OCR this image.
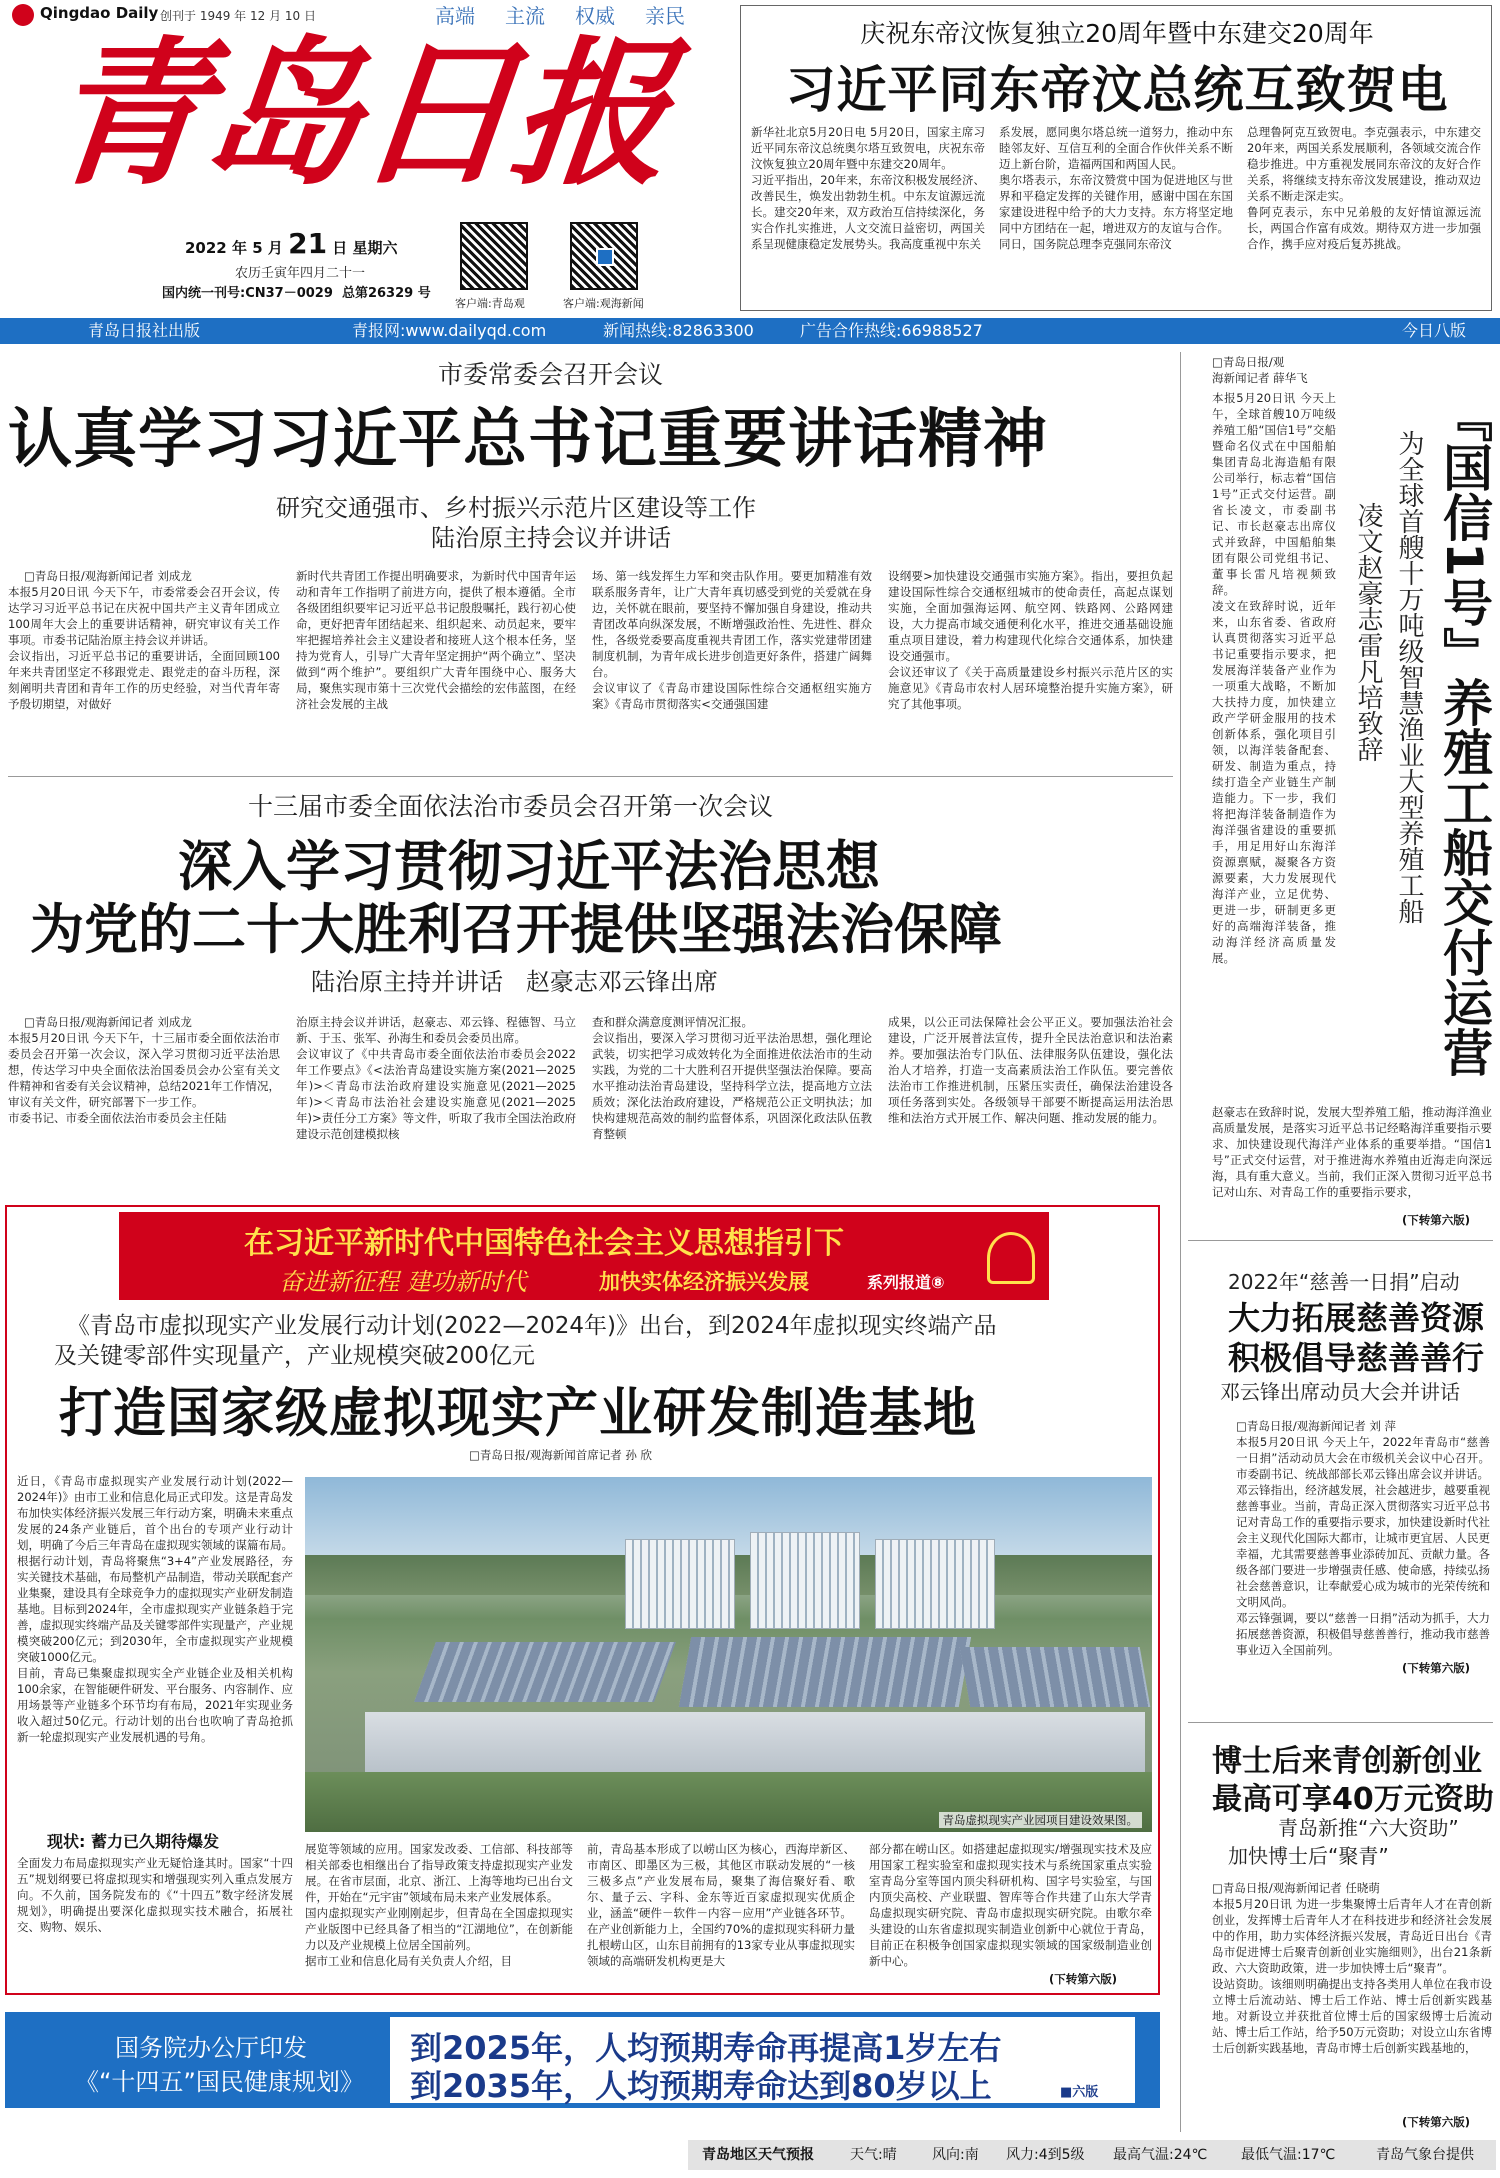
Qingdao Daily 创刊于 1949 年 12 月 10 日	高端 主流 权威 亲民
青岛日报
2022 年 5 月 21 日 星期六
农历壬寅年四月二十一
国内统一刊号:CN37－0029  总第26329 号
客户端:青岛观	客户端:观海新闻
庆祝东帝汶恢复独立20周年暨中东建交20周年
习近平同东帝汶总统互致贺电
新华社北京5月20日电 5月20日，国家主席习近平同东帝汶总统奥尔塔互致贺电，庆祝东帝汶恢复独立20周年暨中东建交20周年。
习近平指出，20年来，东帝汶积极发展经济、改善民生，焕发出勃勃生机。中东友谊源远流长。建交20年来，双方政治互信持续深化，务实合作扎实推进，人文交流日益密切，两国关系呈现健康稳定发展势头。我高度重视中东关
系发展，愿同奥尔塔总统一道努力，推动中东睦邻友好、互信互利的全面合作伙伴关系不断迈上新台阶，造福两国和两国人民。
奥尔塔表示，东帝汶赞赏中国为促进地区与世界和平稳定发挥的关键作用，感谢中国在东国家建设进程中给予的大力支持。东方将坚定地同中方团结在一起，增进双方的友谊与合作。
同日，国务院总理李克强同东帝汶
总理鲁阿克互致贺电。李克强表示，中东建交20年来，两国关系发展顺利，各领域交流合作稳步推进。中方重视发展同东帝汶的友好合作关系，将继续支持东帝汶发展建设，推动双边关系不断走深走实。
鲁阿克表示，东中兄弟般的友好情谊源远流长，两国合作富有成效。期待双方进一步加强合作，携手应对疫后复苏挑战。
青岛日报社出版	青报网:www.dailyqd.com	新闻热线:82863300	广告合作热线:66988527	今日八版
市委常委会召开会议
认真学习习近平总书记重要讲话精神
研究交通强市、乡村振兴示范片区建设等工作
陆治原主持会议并讲话
□青岛日报/观海新闻记者 刘成龙
本报5月20日讯 今天下午，市委常委会召开会议，传达学习习近平总书记在庆祝中国共产主义青年团成立100周年大会上的重要讲话精神，研究审议有关工作事项。市委书记陆治原主持会议并讲话。
会议指出，习近平总书记的重要讲话，全面回顾100年来共青团坚定不移跟党走、跟党走的奋斗历程，深刻阐明共青团和青年工作的历史经验，对当代青年寄予殷切期望，对做好
新时代共青团工作提出明确要求，为新时代中国青年运动和青年工作指明了前进方向，提供了根本遵循。全市各级团组织要牢记习近平总书记殷殷嘱托，践行初心使命，更好把青年团结起来、组织起来、动员起来，要牢牢把握培养社会主义建设者和接班人这个根本任务，坚持为党育人，引导广大青年坚定拥护“两个确立”、坚决做到“两个维护”。要组织广大青年围绕中心、服务大局，聚焦实现市第十三次党代会描绘的宏伟蓝图，在经济社会发展的主战
场、第一线发挥生力军和突击队作用。要更加精准有效联系服务青年，让广大青年真切感受到党的关爱就在身边，关怀就在眼前，要坚持不懈加强自身建设，推动共青团改革向纵深发展，不断增强政治性、先进性、群众性，各级党委要高度重视共青团工作，落实党建带团建制度机制，为青年成长进步创造更好条件，搭建广阔舞台。
会议审议了《青岛市建设国际性综合交通枢纽实施方案》《青岛市贯彻落实<交通强国建
设纲要>加快建设交通强市实施方案》。指出，要担负起建设国际性综合交通枢纽城市的使命责任，高起点谋划实施，全面加强海运网、航空网、铁路网、公路网建设，大力提高市域交通便利化水平，推进交通基础设施重点项目建设，着力构建现代化综合交通体系，加快建设交通强市。
会议还审议了《关于高质量建设乡村振兴示范片区的实施意见》《青岛市农村人居环境整治提升实施方案》，研究了其他事项。
十三届市委全面依法治市委员会召开第一次会议
深入学习贯彻习近平法治思想
为党的二十大胜利召开提供坚强法治保障
陆治原主持并讲话   赵豪志邓云锋出席
□青岛日报/观海新闻记者 刘成龙
本报5月20日讯 今天下午，十三届市委全面依法治市委员会召开第一次会议，深入学习贯彻习近平法治思想，传达学习中央全面依法治国委员会办公室有关文件精神和省委有关会议精神，总结2021年工作情况，审议有关文件，研究部署下一步工作。
市委书记、市委全面依法治市委员会主任陆
治原主持会议并讲话，赵豪志、邓云锋、程德智、马立新、于玉、张军、孙海生和委员会委员出席。
会议审议了《中共青岛市委全面依法治市委员会2022年工作要点》《<法治青岛建设实施方案(2021—2025年)>＜青岛市法治政府建设实施意见(2021—2025年)>＜青岛市法治社会建设实施意见(2021—2025年)>责任分工方案》等文件，听取了我市全国法治政府建设示范创建模拟核
查和群众满意度测评情况汇报。
会议指出，要深入学习贯彻习近平法治思想，强化理论武装，切实把学习成效转化为全面推进依法治市的生动实践，为党的二十大胜利召开提供坚强法治保障。要高水平推动法治青岛建设，坚持科学立法，提高地方立法质效；深化法治政府建设，严格规范公正文明执法；加快构建规范高效的制约监督体系，巩固深化政法队伍教育整顿
成果，以公正司法保障社会公平正义。要加强法治社会建设，广泛开展普法宣传，提升全民法治意识和法治素养。要加强法治专门队伍、法律服务队伍建设，强化法治人才培养，打造一支高素质法治工作队伍。要完善依法治市工作推进机制，压紧压实责任，确保法治建设各项任务落到实处。各级领导干部要不断提高运用法治思维和法治方式开展工作、解决问题、推动发展的能力。
在习近平新时代中国特色社会主义思想指引下
奋进新征程 建功新时代	加快实体经济振兴发展	系列报道⑧
《青岛市虚拟现实产业发展行动计划(2022—2024年)》出台，到2024年虚拟现实终端产品
及关键零部件实现量产，产业规模突破200亿元
打造国家级虚拟现实产业研发制造基地
□青岛日报/观海新闻首席记者 孙 欣
近日，《青岛市虚拟现实产业发展行动计划(2022—2024年)》由市工业和信息化局正式印发。这是青岛发布加快实体经济振兴发展三年行动方案，明确未来重点发展的24条产业链后，首个出台的专项产业行动计划，明确了今后三年青岛在虚拟现实领域的谋篇布局。
根据行动计划，青岛将聚焦“3+4”产业发展路径，夯实关键技术基础，布局整机产品制造，带动关联配套产业集聚，建设具有全球竞争力的虚拟现实产业研发制造基地。目标到2024年，全市虚拟现实产业链条趋于完善，虚拟现实终端产品及关键零部件实现量产，产业规模突破200亿元；到2030年，全市虚拟现实产业规模突破1000亿元。
目前，青岛已集聚虚拟现实全产业链企业及相关机构100余家，在智能硬件研发、平台服务、内容制作、应用场景等产业链多个环节均有布局，2021年实现业务收入超过50亿元。行动计划的出台也吹响了青岛抢抓新一轮虚拟现实产业发展机遇的号角。
现状: 蓄力已久期待爆发
全面发力布局虚拟现实产业无疑恰逢其时。国家“十四五”规划纲要已将虚拟现实和增强现实列入重点发展方向。不久前，国务院发布的《“十四五”数字经济发展规划》，明确提出要深化虚拟现实技术融合，拓展社交、购物、娱乐、
青岛虚拟现实产业园项目建设效果图。
展览等领域的应用。国家发改委、工信部、科技部等相关部委也相继出台了指导政策支持虚拟现实产业发展。在省市层面，北京、浙江、上海等地均已出台文件，开始在“元宇宙”领域布局未来产业发展体系。
国内虚拟现实产业刚刚起步，但青岛在全国虚拟现实产业版图中已经具备了相当的“江湖地位”，在创新能力以及产业规模上位居全国前列。
据市工业和信息化局有关负责人介绍，目
前，青岛基本形成了以崂山区为核心，西海岸新区、市南区、即墨区为三极，其他区市联动发展的“一核三极多点”产业发展布局，聚集了海信聚好看、歌尔、量子云、字科、金东等近百家虚拟现实优质企业，涵盖“硬件－软件－内容－应用”产业链各环节。
在产业创新能力上，全国约70%的虚拟现实科研力量扎根崂山区，山东目前拥有的13家专业从事虚拟现实领域的高端研发机构更是大
部分都在崂山区。如搭建起虚拟现实/增强现实技术及应用国家工程实验室和虚拟现实技术与系统国家重点实验室青岛分室等国内顶尖科研机构、国字号实验室，与国内顶尖高校、产业联盟、智库等合作共建了山东大学青岛虚拟现实研究院、青岛市虚拟现实研究院。由歌尔牵头建设的山东省虚拟现实制造业创新中心就位于青岛，目前正在积极争创国家虚拟现实领域的国家级制造业创新中心。
(下转第六版)
国务院办公厅印发
《“十四五”国民健康规划》
到2025年，人均预期寿命再提高1岁左右
到2035年，人均预期寿命达到80岁以上	■六版
青岛地区天气预报	天气:晴	风向:南 风力:4到5级 最高气温:24℃ 最低气温:17℃	青岛气象台提供
□青岛日报/观
海新闻记者 薛华飞
本报5月20日讯 今天上午，全球首艘10万吨级养殖工船“国信1号”交船暨命名仪式在中国船舶集团青岛北海造船有限公司举行，标志着“国信1号”正式交付运营。副省长凌文，市委副书记、市长赵豪志出席仪式并致辞，中国船舶集团有限公司党组书记、董事长雷凡培视频致辞。
凌文在致辞时说，近年来，山东省委、省政府认真贯彻落实习近平总书记重要指示要求，把发展海洋装备产业作为一项重大战略，不断加大扶持力度，加快建立政产学研金服用的技术创新体系，强化项目引领，以海洋装备配套、研发、制造为重点，持续打造全产业链生产制造能力。下一步，我们将把海洋装备制造作为海洋强省建设的重要抓手，用足用好山东海洋资源禀赋，凝聚各方资源要素，大力发展现代海洋产业，立足优势、更进一步，研制更多更好的高端海洋装备，推动海洋经济高质量发展。	『国信1号』养殖工船交付运营
为全球首艘十万吨级智慧渔业大型养殖工船
凌文赵豪志雷凡培致辞
赵豪志在致辞时说，发展大型养殖工船，推动海洋渔业高质量发展，是落实习近平总书记经略海洋重要指示要求、加快建设现代海洋产业体系的重要举措。“国信1号”正式交付运营，对于推进海水养殖由近海走向深远海，具有重大意义。当前，我们正深入贯彻习近平总书记对山东、对青岛工作的重要指示要求，
(下转第六版)
2022年“慈善一日捐”启动
大力拓展慈善资源
积极倡导慈善善行
邓云锋出席动员大会并讲话
□青岛日报/观海新闻记者 刘 萍
本报5月20日讯 今天上午，2022年青岛市“慈善一日捐”活动动员大会在市级机关会议中心召开。市委副书记、统战部部长邓云锋出席会议并讲话。
邓云锋指出，经济越发展，社会越进步，越要重视慈善事业。当前，青岛正深入贯彻落实习近平总书记对青岛工作的重要指示要求，加快建设新时代社会主义现代化国际大都市，让城市更宜居、人民更幸福，尤其需要慈善事业添砖加瓦、贡献力量。各级各部门要进一步增强责任感、使命感，持续弘扬社会慈善意识，让奉献爱心成为城市的光荣传统和文明风尚。
邓云锋强调，要以“慈善一日捐”活动为抓手，大力拓展慈善资源，积极倡导慈善善行，推动我市慈善事业迈入全国前列。
(下转第六版)
博士后来青创新创业
最高可享40万元资助
青岛新推“六大资助”
加快博士后“聚青”
□青岛日报/观海新闻记者 任晓萌
本报5月20日讯 为进一步集聚博士后青年人才在青创新创业，发挥博士后青年人才在科技进步和经济社会发展中的作用，助力实体经济振兴发展，青岛近日出台《青岛市促进博士后聚青创新创业实施细则》，出台21条新政、六大资助政策，进一步加快博士后“聚青”。
设站资助。该细则明确提出支持各类用人单位在我市设立博士后流动站、博士后工作站、博士后创新实践基地。对新设立并获批首位博士后的国家级博士后流动站、博士后工作站，给予50万元资助；对设立山东省博士后创新实践基地，青岛市博士后创新实践基地的，
(下转第六版)
